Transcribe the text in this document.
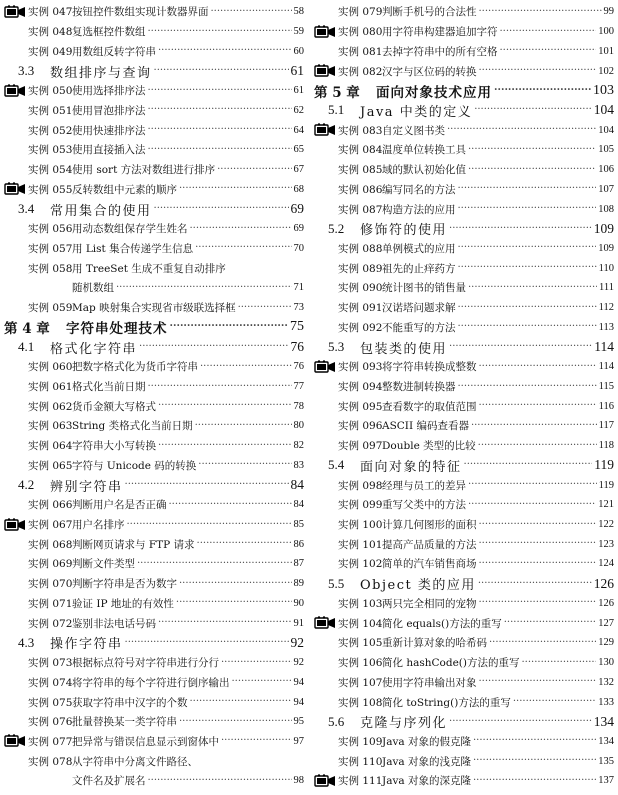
实例 047 按钮控件数组实现计数器界面 .....	58
实例 048 复选框控件数组 .....	59
实例 049 用数组反转字符串 .....	60
3.3	数组排序与查询 .....	61
实例 050 使用选择排序法 .....	61
实例 051 使用冒泡排序法 .....	62
实例 052 使用快速排序法 .....	64
实例 053 使用直接插入法 .....	65
实例 054 使用 sort 方法对数组进行排序 .....	67
实例 055 反转数组中元素的顺序 .....	68
3.4	常用集合的使用 .....	69
实例 056 用动态数组保存学生姓名 .....	69
实例 057 用 List 集合传递学生信息 .....	70
实例 058 用 TreeSet 生成不重复自动排序
随机数组 .....	71
实例 059 Map 映射集合实现省市级联选择框 .....	73
第 4 章	字符串处理技术 .....	75
4.1	格式化字符串 .....	76
实例 060 把数字格式化为货币字符串 .....	76
实例 061 格式化当前日期 .....	77
实例 062 货币金额大写格式 .....	78
实例 063 String 类格式化当前日期 .....	80
实例 064 字符串大小写转换 .....	82
实例 065 字符与 Unicode 码的转换 .....	83
4.2	辨别字符串 .....	84
实例 066 判断用户名是否正确 .....	84
实例 067 用户名排序 .....	85
实例 068 判断网页请求与 FTP 请求 .....	86
实例 069 判断文件类型 .....	87
实例 070 判断字符串是否为数字 .....	89
实例 071 验证 IP 地址的有效性 .....	90
实例 072 鉴别非法电话号码 .....	91
4.3	操作字符串 .....	92
实例 073 根据标点符号对字符串进行分行 .....	92
实例 074 将字符串的每个字符进行倒序输出 .....	94
实例 075 获取字符串中汉字的个数 .....	94
实例 076 批量替换某一类字符串 .....	95
实例 077 把异常与错误信息显示到窗体中 .....	97
实例 078 从字符串中分离文件路径、
文件名及扩展名 .....	98
实例 079 判断手机号的合法性 .....	99
实例 080 用字符串构建器追加字符 .....	100
实例 081 去掉字符串中的所有空格 .....	101
实例 082 汉字与区位码的转换 .....	102
第 5 章	面向对象技术应用 .....	103
5.1	Java 中类的定义 .....	104
实例 083 自定义图书类 .....	104
实例 084 温度单位转换工具 .....	105
实例 085 域的默认初始化值 .....	106
实例 086 编写同名的方法 .....	107
实例 087 构造方法的应用 .....	108
5.2	修饰符的使用 .....	109
实例 088 单例模式的应用 .....	109
实例 089 祖先的止痒药方 .....	110
实例 090 统计图书的销售量 .....	111
实例 091 汉诺塔问题求解 .....	112
实例 092 不能重写的方法 .....	113
5.3	包装类的使用 .....	114
实例 093 将字符串转换成整数 .....	114
实例 094 整数进制转换器 .....	115
实例 095 查看数字的取值范围 .....	116
实例 096 ASCII 编码查看器 .....	117
实例 097 Double 类型的比较 .....	118
5.4	面向对象的特征 .....	119
实例 098 经理与员工的差异 .....	119
实例 099 重写父类中的方法 .....	121
实例 100 计算几何图形的面积 .....	122
实例 101 提高产品质量的方法 .....	123
实例 102 简单的汽车销售商场 .....	124
5.5	Object 类的应用 .....	126
实例 103 两只完全相同的宠物 .....	126
实例 104 简化 equals()方法的重写 .....	127
实例 105 重新计算对象的哈希码 .....	129
实例 106 简化 hashCode()方法的重写 .....	130
实例 107 使用字符串输出对象 .....	132
实例 108 简化 toString()方法的重写 .....	133
5.6	克隆与序列化 .....	134
实例 109 Java 对象的假克隆 .....	134
实例 110 Java 对象的浅克隆 .....	135
实例 111 Java 对象的深克隆 .....	137
